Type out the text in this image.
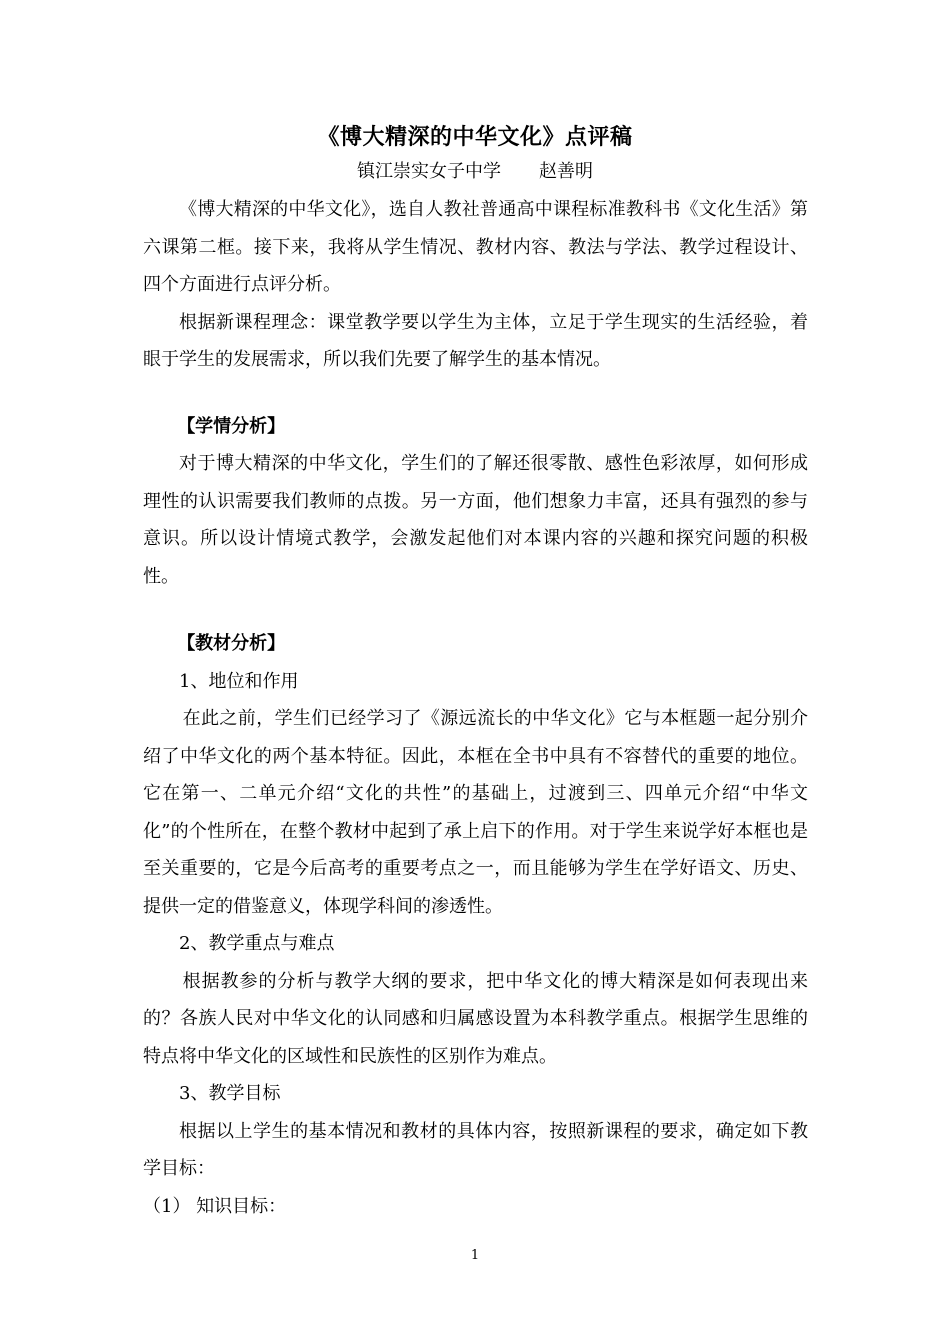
《博大精深的中华文化》点评稿
镇江崇实女子中学 赵善明

《博大精深的中华文化》，选自人教社普通高中课程标准教科书《文化生活》第六课第二框。接下来，我将从学生情况、教材内容、教法与学法、教学过程设计、四个方面进行点评分析。

根据新课程理念：课堂教学要以学生为主体，立足于学生现实的生活经验，着眼于学生的发展需求，所以我们先要了解学生的基本情况。

【学情分析】

对于博大精深的中华文化，学生们的了解还很零散、感性色彩浓厚，如何形成理性的认识需要我们教师的点拨。另一方面，他们想象力丰富，还具有强烈的参与意识。所以设计情境式教学，会激发起他们对本课内容的兴趣和探究问题的积极性。

【教材分析】

1、地位和作用

在此之前，学生们已经学习了《源远流长的中华文化》它与本框题一起分别介绍了中华文化的两个基本特征。因此，本框在全书中具有不容替代的重要的地位。它在第一、二单元介绍“文化的共性”的基础上，过渡到三、四单元介绍“中华文化”的个性所在，在整个教材中起到了承上启下的作用。对于学生来说学好本框也是至关重要的，它是今后高考的重要考点之一，而且能够为学生在学好语文、历史、提供一定的借鉴意义，体现学科间的渗透性。

2、教学重点与难点

根据教参的分析与教学大纲的要求，把中华文化的博大精深是如何表现出来的？各族人民对中华文化的认同感和归属感设置为本科教学重点。根据学生思维的特点将中华文化的区域性和民族性的区别作为难点。

3、教学目标

根据以上学生的基本情况和教材的具体内容，按照新课程的要求，确定如下教学目标：

（1） 知识目标：

1
